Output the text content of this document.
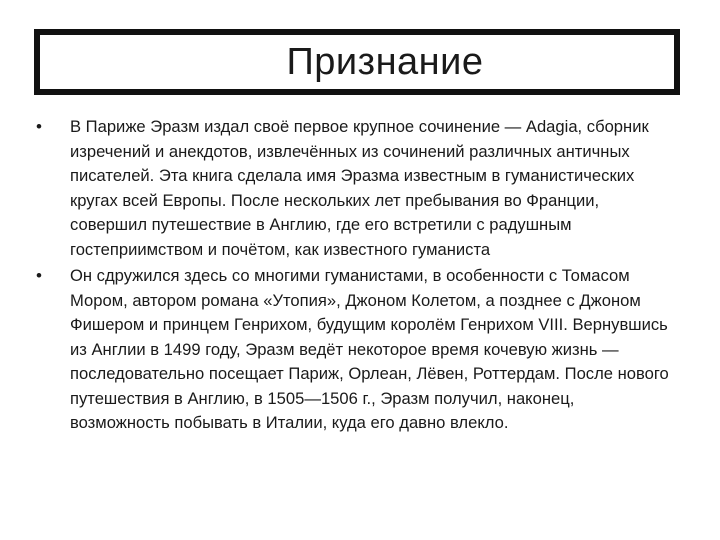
Признание
•	В Париже Эразм издал своё первое крупное сочинение — Adagia, сборник изречений и анекдотов, извлечённых из сочинений различных античных писателей. Эта книга сделала имя Эразма известным в гуманистических кругах всей Европы. После нескольких лет пребывания во Франции, совершил путешествие в Англию, где его встретили с радушным гостеприимством и почётом, как известного гуманиста
•	Он сдружился здесь со многими гуманистами, в особенности с Томасом Мором, автором романа «Утопия», Джоном Колетом, а позднее с Джоном Фишером и принцем Генрихом, будущим королём Генрихом VIII. Вернувшись из Англии в 1499 году, Эразм ведёт некоторое время кочевую жизнь — последовательно посещает Париж, Орлеан, Лёвен, Роттердам. После нового путешествия в Англию, в 1505—1506 г., Эразм получил, наконец, возможность побывать в Италии, куда его давно влекло.
